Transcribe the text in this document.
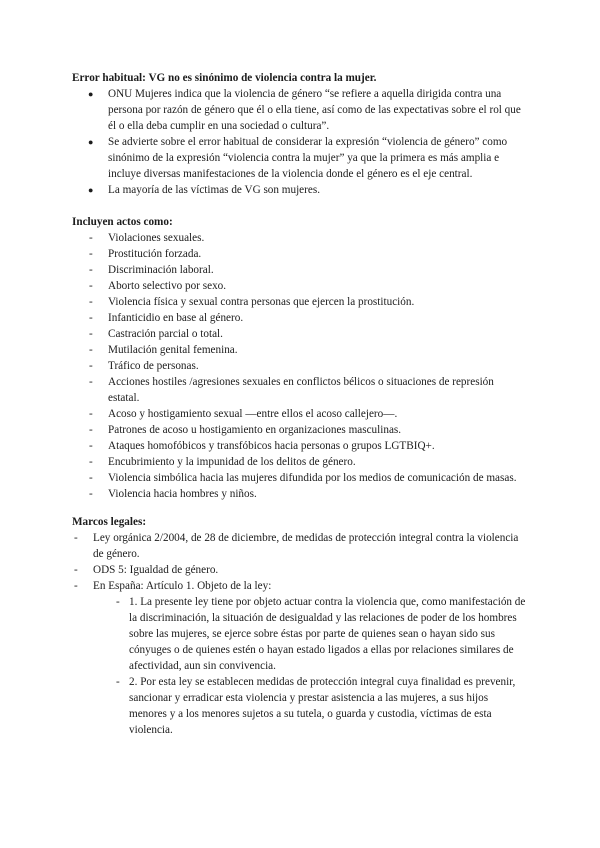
Error habitual: VG no es sinónimo de violencia contra la mujer.

● ONU Mujeres indica que la violencia de género “se refiere a aquella dirigida contra una persona por razón de género que él o ella tiene, así como de las expectativas sobre el rol que él o ella deba cumplir en una sociedad o cultura”.
● Se advierte sobre el error habitual de considerar la expresión “violencia de género” como sinónimo de la expresión “violencia contra la mujer” ya que la primera es más amplia e incluye diversas manifestaciones de la violencia donde el género es el eje central.
● La mayoría de las víctimas de VG son mujeres.

Incluyen actos como:

- Violaciones sexuales.
- Prostitución forzada.
- Discriminación laboral.
- Aborto selectivo por sexo.
- Violencia física y sexual contra personas que ejercen la prostitución.
- Infanticidio en base al género.
- Castración parcial o total.
- Mutilación genital femenina.
- Tráfico de personas.
- Acciones hostiles /agresiones sexuales en conflictos bélicos o situaciones de represión estatal.
- Acoso y hostigamiento sexual —entre ellos el acoso callejero—.
- Patrones de acoso u hostigamiento en organizaciones masculinas.
- Ataques homofóbicos y transfóbicos hacia personas o grupos LGTBIQ+.
- Encubrimiento y la impunidad de los delitos de género.
- Violencia simbólica hacia las mujeres difundida por los medios de comunicación de masas.
- Violencia hacia hombres y niños.

Marcos legales:

- Ley orgánica 2/2004, de 28 de diciembre, de medidas de protección integral contra la violencia de género.
- ODS 5: Igualdad de género.
- En España: Artículo 1. Objeto de la ley:
- 1. La presente ley tiene por objeto actuar contra la violencia que, como manifestación de la discriminación, la situación de desigualdad y las relaciones de poder de los hombres sobre las mujeres, se ejerce sobre éstas por parte de quienes sean o hayan sido sus cónyuges o de quienes estén o hayan estado ligados a ellas por relaciones similares de afectividad, aun sin convivencia.
- 2. Por esta ley se establecen medidas de protección integral cuya finalidad es prevenir, sancionar y erradicar esta violencia y prestar asistencia a las mujeres, a sus hijos menores y a los menores sujetos a su tutela, o guarda y custodia, víctimas de esta violencia.
